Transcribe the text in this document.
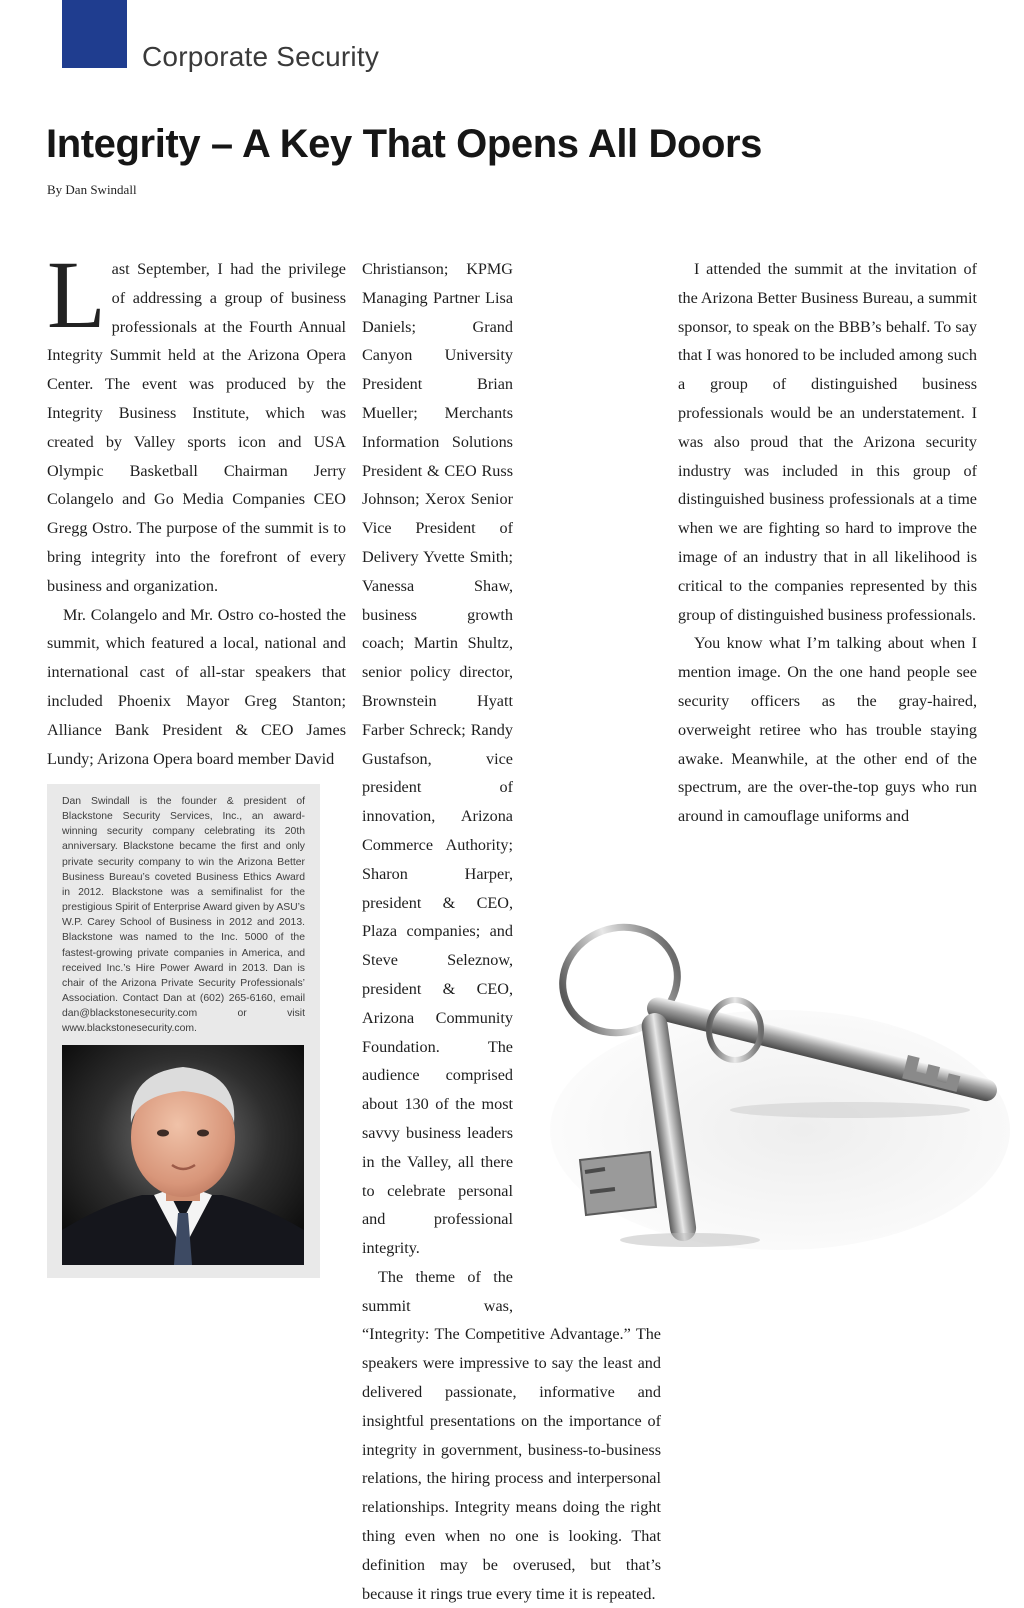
Corporate Security
Integrity – A Key That Opens All Doors

By Dan Swindall

Last September, I had the privilege of addressing a group of business professionals at the Fourth Annual Integrity Summit held at the Arizona Opera Center. The event was produced by the Integrity Business Institute, which was created by Valley sports icon and USA Olympic Basketball Chairman Jerry Colangelo and Go Media Companies CEO Gregg Ostro. The purpose of the summit is to bring integrity into the forefront of every business and organization.

Mr. Colangelo and Mr. Ostro co-hosted the summit, which featured a local, national and international cast of all-star speakers that included Phoenix Mayor Greg Stanton; Alliance Bank President & CEO James Lundy; Arizona Opera board member David

Christianson; KPMG Managing Partner Lisa Daniels; Grand Canyon University President Brian Mueller; Merchants Information Solutions President & CEO Russ Johnson; Xerox Senior Vice President of Delivery Yvette Smith; Vanessa Shaw, business growth coach; Martin Shultz, senior policy director, Brownstein Hyatt Farber Schreck; Randy Gustafson, vice president of innovation, Arizona Commerce Authority; Sharon Harper, president & CEO, Plaza companies; and Steve Seleznow, president & CEO, Arizona Community Foundation. The audience comprised about 130 of the most savvy business leaders in the Valley, all there to celebrate personal and professional integrity.

The theme of the summit was, “Integrity: The Competitive Advantage.” The speakers were impressive to say the least and delivered passionate, informative and insightful presentations on the importance of integrity in government, business-to-business relations, the hiring process and interpersonal relationships. Integrity means doing the right thing even when no one is looking. That definition may be overused, but that’s because it rings true every time it is repeated.

I attended the summit at the invitation of the Arizona Better Business Bureau, a summit sponsor, to speak on the BBB’s behalf. To say that I was honored to be included among such a group of distinguished business professionals would be an understatement. I was also proud that the Arizona security industry was included in this group of distinguished business professionals at a time when we are fighting so hard to improve the image of an industry that in all likelihood is critical to the companies represented by this group of distinguished business professionals.

You know what I’m talking about when I mention image. On the one hand people see security officers as the gray-haired, overweight retiree who has trouble staying awake. Meanwhile, at the other end of the spectrum, are the over-the-top guys who run around in camouflage uniforms and

Dan Swindall is the founder & president of Blackstone Security Services, Inc., an award-winning security company celebrating its 20th anniversary. Blackstone became the first and only private security company to win the Arizona Better Business Bureau’s coveted Business Ethics Award in 2012. Blackstone was a semifinalist for the prestigious Spirit of Enterprise Award given by ASU’s W.P. Carey School of Business in 2012 and 2013. Blackstone was named to the Inc. 5000 of the fastest-growing private companies in America, and received Inc.’s Hire Power Award in 2013. Dan is chair of the Arizona Private Security Professionals’ Association. Contact Dan at (602) 265-6160, email dan@blackstonesecurity.com or visit www.blackstonesecurity.com.
